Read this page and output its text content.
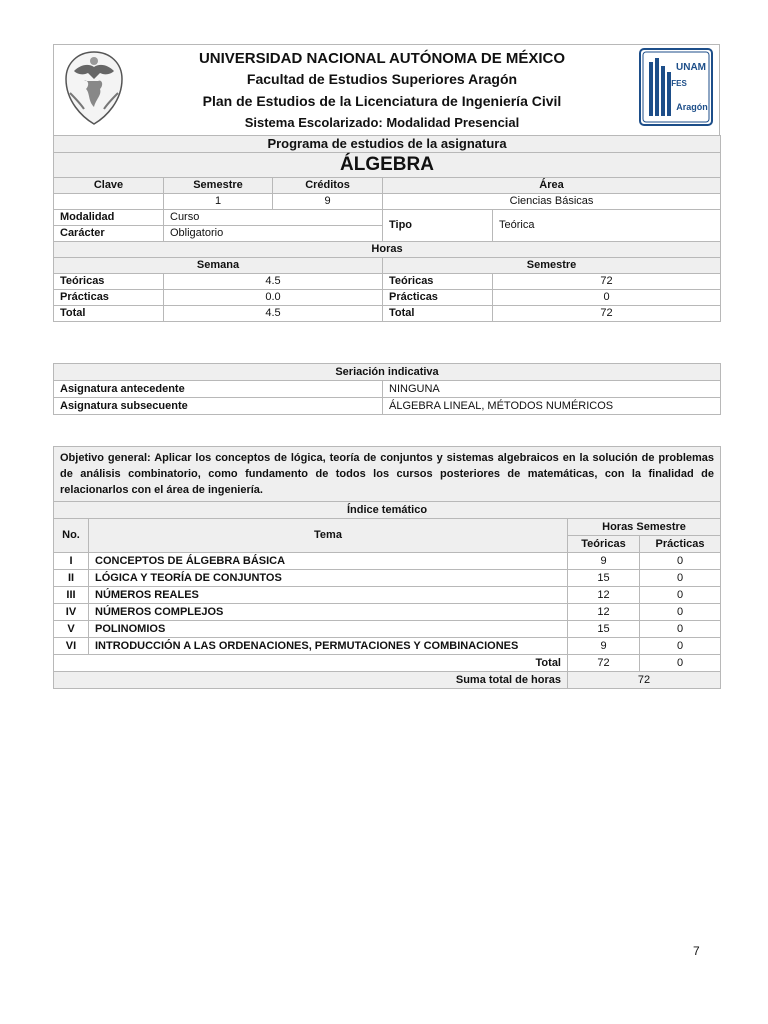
UNIVERSIDAD NACIONAL AUTÓNOMA DE MÉXICO
Facultad de Estudios Superiores Aragón
Plan de Estudios de la Licenciatura de Ingeniería Civil
Sistema Escolarizado: Modalidad Presencial
UNAM
FES
Aragón
Programa de estudios de la asignatura				
ÁLGEBRA				
Clave	Semestre	Créditos	Área	
	1	9	Ciencias Básicas	
Modalidad	Curso		Tipo	Teórica
Carácter	Obligatorio			
Horas				
Semana			Semestre	
Teóricas	4.5		Teóricas	72
Prácticas	0.0		Prácticas	0
Total	4.5		Total	72
Seriación indicativa	
Asignatura antecedente	NINGUNA
Asignatura subsecuente	ÁLGEBRA LINEAL, MÉTODOS NUMÉRICOS
Objetivo general: Aplicar los conceptos de lógica, teoría de conjuntos y sistemas algebraicos en la solución de problemas de análisis combinatorio, como fundamento de todos los cursos posteriores de matemáticas, con la finalidad de relacionarlos con el área de ingeniería.			
Índice temático			
No.	Tema	Horas Semestre	
		Teóricas	Prácticas
I	CONCEPTOS DE ÁLGEBRA BÁSICA	9	0
II	LÓGICA Y TEORÍA DE CONJUNTOS	15	0
III	NÚMEROS REALES	12	0
IV	NÚMEROS COMPLEJOS	12	0
V	POLINOMIOS	15	0
VI	INTRODUCCIÓN A LAS ORDENACIONES, PERMUTACIONES Y COMBINACIONES	9	0
Total		72	0
Suma total de horas		72	
7
